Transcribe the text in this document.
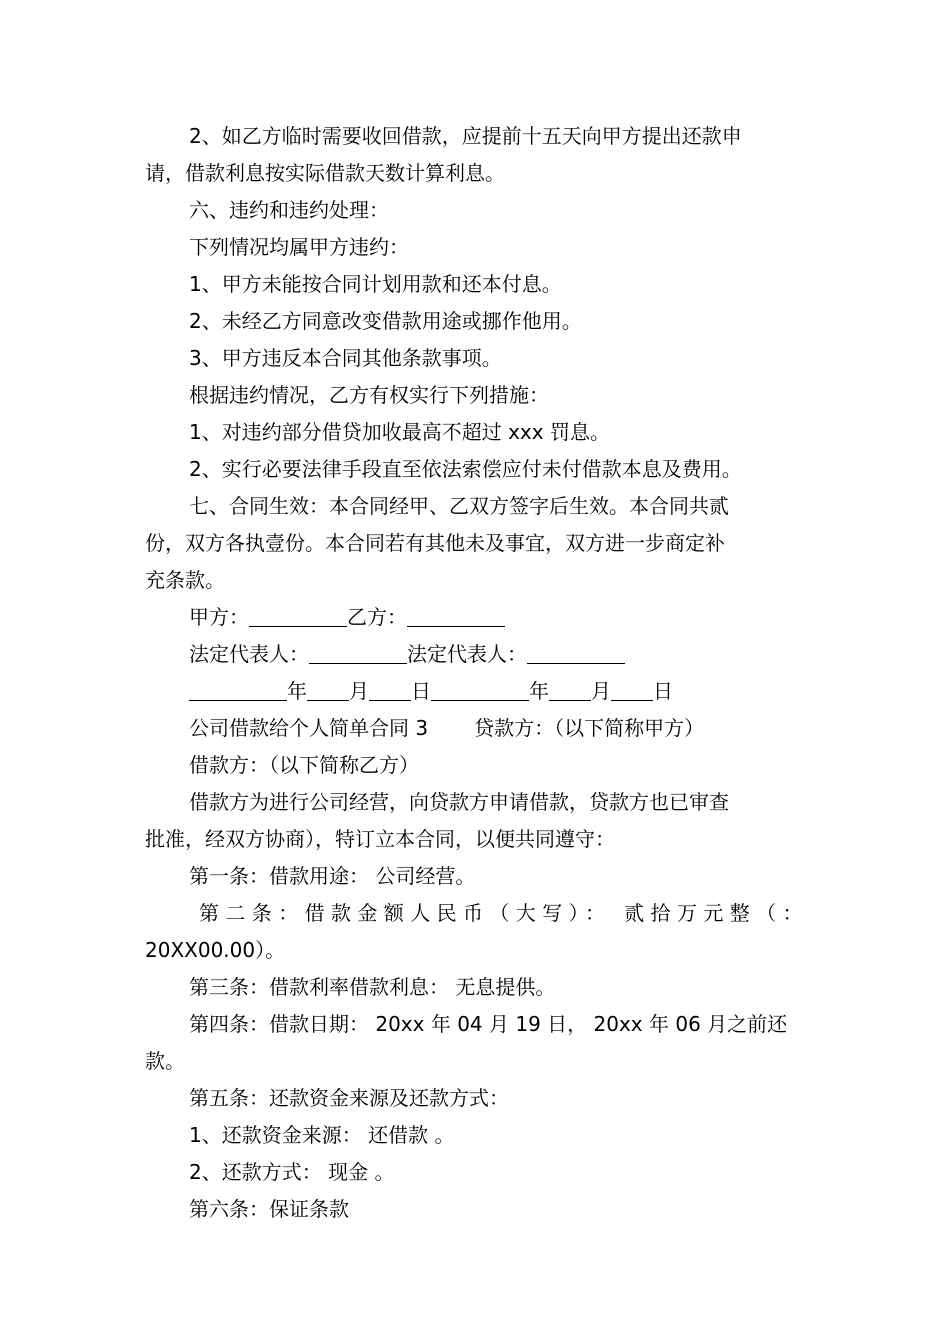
2、如乙方临时需要收回借款，应提前十五天向甲方提出还款申

请，借款利息按实际借款天数计算利息。

六、违约和违约处理：

下列情况均属甲方违约：

1、甲方未能按合同计划用款和还本付息。

2、未经乙方同意改变借款用途或挪作他用。

3、甲方违反本合同其他条款事项。

根据违约情况，乙方有权实行下列措施：

1、对违约部分借贷加收最高不超过 xxx 罚息。

2、实行必要法律手段直至依法索偿应付未付借款本息及费用。

七、合同生效：本合同经甲、乙双方签字后生效。本合同共贰

份，双方各执壹份。本合同若有其他未及事宜，双方进一步商定补

充条款。

甲方：	乙方：

法定代表人：	法定代表人：

年 月 日	年 月 日

公司借款给个人简单合同 3 贷款方：（以下简称甲方）

借款方：（以下简称乙方）

借款方为进行公司经营，向贷款方申请借款，贷款方也已审查

批准，经双方协商），特订立本合同，以便共同遵守：

第一条：借款用途： 公司经营。

第二条：借款金额人民币（大写）： 贰拾万元整（：

20XX00.00）。

第三条：借款利率借款利息： 无息提供。

第四条：借款日期： 20xx 年 04 月 19 日， 20xx 年 06 月之前还

款。

第五条：还款资金来源及还款方式：

1、还款资金来源： 还借款 。

2、还款方式： 现金 。

第六条：保证条款
